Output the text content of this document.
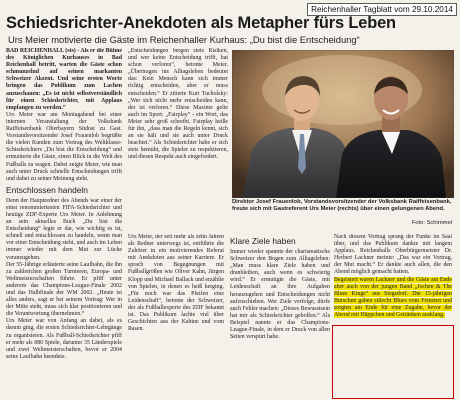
Reichenhaller Tagblatt vom 29.10.2014
Schiedsrichter-Anekdoten als Metapher fürs Leben
Urs Meier motivierte die Gäste im Reichenhaller Kurhaus: „Du bist die Entscheidung“

BAD REICHENHALL (sts) - Als er die Bühne des Königlichen Kurhauses in Bad Reichenhall betritt, warten die Gäste schon schmunzelnd auf seinen markanten Schweizer Akzent. Und seine ersten Worte bringen das Publikum zum Lachen anzuschauen: „Es ist nicht selbstverständlich für einen Schiedsrichter, mit Applaus empfangen zu werden.“

Urs Meier war am Montagabend bei einer internen Veranstaltung der Volksbank Raiffeisenbank Oberbayern Südost zu Gast. Vorstandsvorsitzender Josef Frauenlob begrüßte die vielen Kunden zum Vortrag des Weltklasse-Schiedsrichters „Du bist die Entscheidung“ und ermunterte die Gäste, einen Blick in die Welt des Fußballs zu wagen. Dabei zeigte Meier, wie man auch unter Druck schnelle Entscheidungen trifft und dabei zu seiner Meinung steht.

Entschlossen handeln

Denn der Hauptredner des Abends war einer der einst renommiertesten FIFA-Schiedsrichter und heutige ZDF-Experte Urs Meier. In Anlehnung an sein aktuelles Buch „Du bist die Entscheidung“ legte er dar, wie wichtig es ist, schnell und entschlossen zu handeln, wenn man vor einer Entscheidung steht, und auch im Leben immer wieder mit dem Mut zur Lücke voranzugehen.

Der 55-Jährige erläuterte seine Laufbahn, die ihn zu zahlreichen großen Turnieren, Europa- und Weltmeisterschaften führte. Er pfiff unter anderem das Champions-League-Finale 2002 und das Halbfinale der WM 2002. „Heute ist alles anders, sagt er bei seinem Vortrag: Wer in der Mitte steht, muss sich klar positionieren und die Verantwortung übernehmen.“

Urs Meier war von Anfang an dabei, als es darum ging, die ersten Schiedsrichter-Lehrgänge zu organisieren. Als Fußball-Schiedsrichter pfiff er mehr als 880 Spiele, darunter 35 Länderspiele und zwei Weltmeisterschaften, bevor er 2004 seine Laufbahn beendete.

„Entscheidungen bergen stets Risiken, und wer keine Entscheidung trifft, hat schon verloren“, betonte Meier. „Übertragen ins Alltagsleben bedeutet das: Kein Mensch kann sich immer richtig entscheiden, aber er muss entscheiden.“ Er zitierte Kurt Tucholsky: „Wer sich nicht mehr entscheiden kann, der ist verloren.“ Diese Maxime gelte auch im Sport: „Fairplay“ - ein Wort, das Meier sehr groß schreibt. Fairplay heiße für ihn, „dass man die Regeln kennt, sich an sie hält und sie auch unter Druck beachtet.“ Als Schiedsrichter habe er sich stets bemüht, die Spieler zu respektieren, und diesen Respekt auch eingefordert.

Direktor Josef Frauenlob, Vorstandsvorsitzender der Volksbank Raiffeisenbank, freute sich mit Gastreferent Urs Meier (rechts) über einen gelungenen Abend.
Foto: Schimmel

Urs Meier, der seit mehr als zehn Jahren als Redner unterwegs ist, entführte die Zuhörer in ein motivierendes Referat mit Anekdoten aus seiner Karriere. Er sprach von Begegnungen mit Fußballgrößen wie Oliver Kahn, Jürgen Klopp und Michael Ballack und erzählte von Spielen, in denen es heiß herging. „Für mich war das Pfeifen eine Leidenschaft“, betonte der Schweizer, der als Fußballexperte des ZDF bekannt ist. Das Publikum lachte viel über Geschichten aus der Kabine und vom Rasen.

Klare Ziele haben

Immer wieder spannte der charismatische Schweizer den Bogen zum Alltagsleben: „Man muss klare Ziele haben und dranbleiben, auch wenn es schwierig wird.“ Er ermutigte die Gäste, mit Leidenschaft an ihre Aufgaben heranzugehen und Entscheidungen nicht aufzuschieben. Wer Ziele verfolge, dürfe auch Fehler machen: „Dieses Bewusstsein hat mir als Schiedsrichter geholfen.“ Als Beispiel nannte er das Champions-League-Finale, in dem er Druck von allen Seiten verspürt habe.

Nach diesem Vortrag sprang der Funke im Saal über, und das Publikum dankte mit langem Applaus. Reichenhalls Oberbürgermeister Dr. Herbert Lackner meinte: „Das war ein Vortrag, der Mut macht.“ Er dankte auch allen, die den Abend möglich gemacht hatten.

Begeistert waren Lackner und die Gäste am Ende aber auch von der jungen Band „Jochen & The Blues Kings“ aus Siegsdorf. Die 15-jährigen Burschen gaben stilecht Blues vom Feinsten und sorgten am Ende für eine Zugabe, bevor der Abend mit Häppchen und Getränken ausklang.
